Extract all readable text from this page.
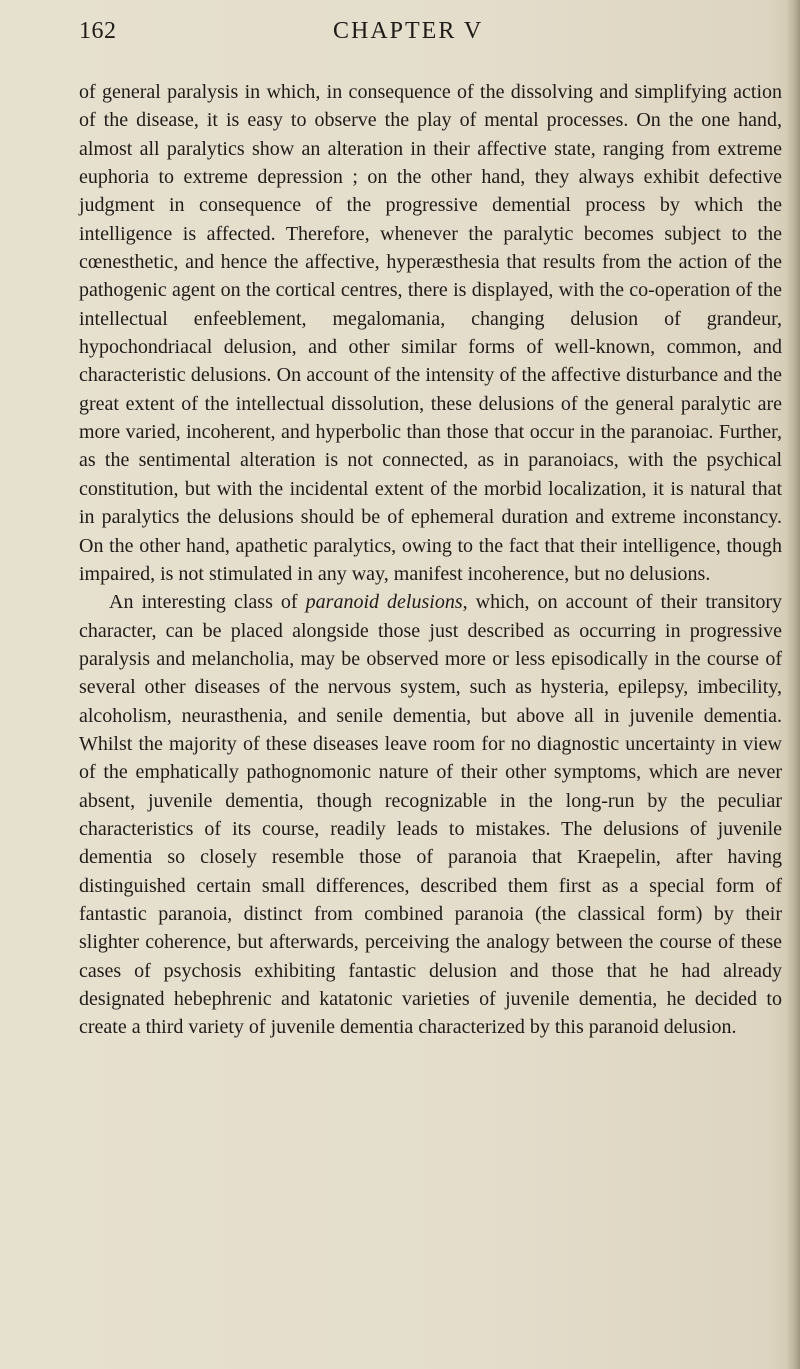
162	CHAPTER V

of general paralysis in which, in consequence of the dissolving and simplifying action of the disease, it is easy to observe the play of mental processes. On the one hand, almost all paralytics show an alteration in their affective state, ranging from extreme euphoria to extreme depression ; on the other hand, they always exhibit defective judgment in consequence of the progressive demential process by which the intelligence is affected. Therefore, whenever the paralytic becomes subject to the cœnesthetic, and hence the affective, hyperæsthesia that results from the action of the pathogenic agent on the cortical centres, there is displayed, with the co-operation of the intellectual enfeeblement, megalomania, changing delusion of grandeur, hypochondriacal delusion, and other similar forms of well-known, common, and characteristic delusions. On account of the intensity of the affective disturbance and the great extent of the intellectual dissolution, these delusions of the general paralytic are more varied, incoherent, and hyperbolic than those that occur in the paranoiac. Further, as the sentimental alteration is not connected, as in paranoiacs, with the psychical constitution, but with the incidental extent of the morbid localization, it is natural that in paralytics the delusions should be of ephemeral duration and extreme inconstancy. On the other hand, apathetic paralytics, owing to the fact that their intelligence, though impaired, is not stimulated in any way, manifest incoherence, but no delusions.

An interesting class of paranoid delusions, which, on account of their transitory character, can be placed alongside those just described as occurring in progressive paralysis and melancholia, may be observed more or less episodically in the course of several other diseases of the nervous system, such as hysteria, epilepsy, imbecility, alcoholism, neurasthenia, and senile dementia, but above all in juvenile dementia. Whilst the majority of these diseases leave room for no diagnostic uncertainty in view of the emphatically pathognomonic nature of their other symptoms, which are never absent, juvenile dementia, though recognizable in the long-run by the peculiar characteristics of its course, readily leads to mistakes. The delusions of juvenile dementia so closely resemble those of paranoia that Kraepelin, after having distinguished certain small differences, described them first as a special form of fantastic paranoia, distinct from combined paranoia (the classical form) by their slighter coherence, but afterwards, perceiving the analogy between the course of these cases of psychosis exhibiting fantastic delusion and those that he had already designated hebephrenic and katatonic varieties of juvenile dementia, he decided to create a third variety of juvenile dementia characterized by this paranoid delusion.
